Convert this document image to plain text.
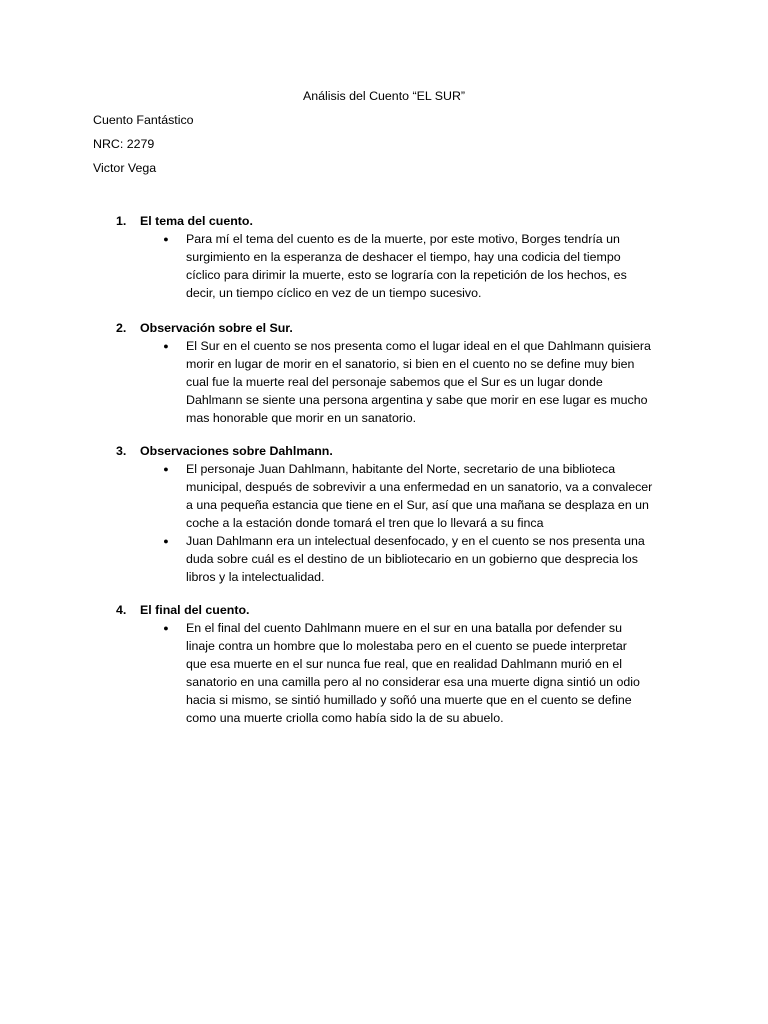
Análisis del Cuento “EL SUR”
Cuento Fantástico
NRC: 2279
Victor Vega
1.	El tema del cuento.
● Para mí el tema del cuento es de la muerte, por este motivo, Borges tendría un
surgimiento en la esperanza de deshacer el tiempo, hay una codicia del tiempo
cíclico para dirimir la muerte, esto se lograría con la repetición de los hechos, es
decir, un tiempo cíclico en vez de un tiempo sucesivo.
2.	Observación sobre el Sur.
● El Sur en el cuento se nos presenta como el lugar ideal en el que Dahlmann quisiera
morir en lugar de morir en el sanatorio, si bien en el cuento no se define muy bien
cual fue la muerte real del personaje sabemos que el Sur es un lugar donde
Dahlmann se siente una persona argentina y sabe que morir en ese lugar es mucho
mas honorable que morir en un sanatorio.
3.	Observaciones sobre Dahlmann.
● El personaje Juan Dahlmann, habitante del Norte, secretario de una biblioteca
municipal, después de sobrevivir a una enfermedad en un sanatorio, va a convalecer
a una pequeña estancia que tiene en el Sur, así que una mañana se desplaza en un
coche a la estación donde tomará el tren que lo llevará a su finca
● Juan Dahlmann era un intelectual desenfocado, y en el cuento se nos presenta una
duda sobre cuál es el destino de un bibliotecario en un gobierno que desprecia los
libros y la intelectualidad.
4.	El final del cuento.
● En el final del cuento Dahlmann muere en el sur en una batalla por defender su
linaje contra un hombre que lo molestaba pero en el cuento se puede interpretar
que esa muerte en el sur nunca fue real, que en realidad Dahlmann murió en el
sanatorio en una camilla pero al no considerar esa una muerte digna sintió un odio
hacia si mismo, se sintió humillado y soñó una muerte que en el cuento se define
como una muerte criolla como había sido la de su abuelo.
